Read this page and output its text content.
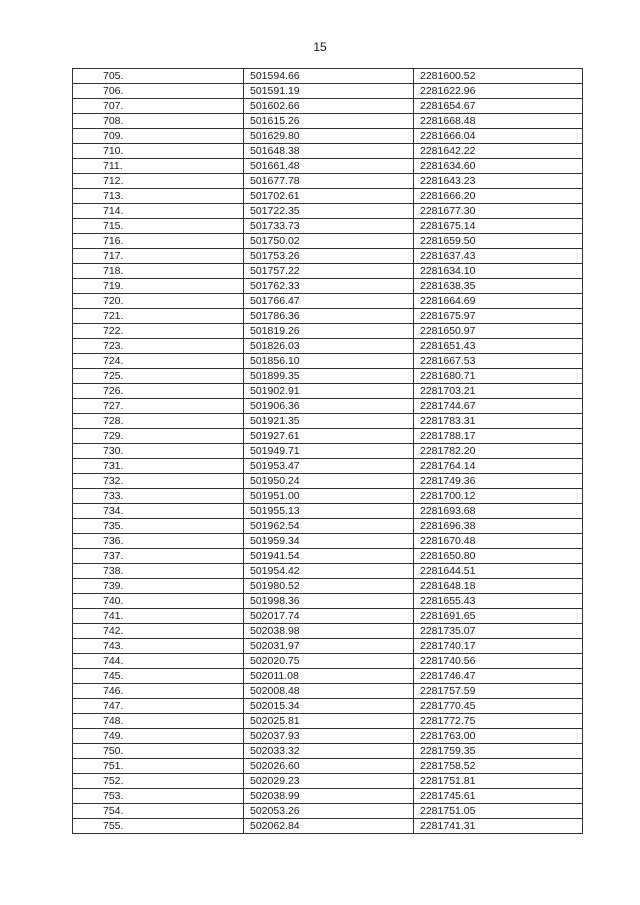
15
705.	501594.66	2281600.52
706.	501591.19	2281622.96
707.	501602.66	2281654.67
708.	501615.26	2281668.48
709.	501629.80	2281666.04
710.	501648.38	2281642.22
711.	501661.48	2281634.60
712.	501677.78	2281643.23
713.	501702.61	2281666.20
714.	501722.35	2281677.30
715.	501733.73	2281675.14
716.	501750.02	2281659.50
717.	501753.26	2281637.43
718.	501757.22	2281634.10
719.	501762.33	2281638.35
720.	501766.47	2281664.69
721.	501786.36	2281675.97
722.	501819.26	2281650.97
723.	501826.03	2281651.43
724.	501856.10	2281667.53
725.	501899.35	2281680.71
726.	501902.91	2281703.21
727.	501906.36	2281744.67
728.	501921.35	2281783.31
729.	501927.61	2281788.17
730.	501949.71	2281782.20
731.	501953.47	2281764.14
732.	501950.24	2281749.36
733.	501951.00	2281700.12
734.	501955.13	2281693.68
735.	501962.54	2281696.38
736.	501959.34	2281670.48
737.	501941.54	2281650.80
738.	501954.42	2281644.51
739.	501980.52	2281648.18
740.	501998.36	2281655.43
741.	502017.74	2281691.65
742.	502038.98	2281735.07
743.	502031.97	2281740.17
744.	502020.75	2281740.56
745.	502011.08	2281746.47
746.	502008.48	2281757.59
747.	502015.34	2281770.45
748.	502025.81	2281772.75
749.	502037.93	2281763.00
750.	502033.32	2281759.35
751.	502026.60	2281758.52
752.	502029.23	2281751.81
753.	502038.99	2281745.61
754.	502053.26	2281751.05
755.	502062.84	2281741.31
